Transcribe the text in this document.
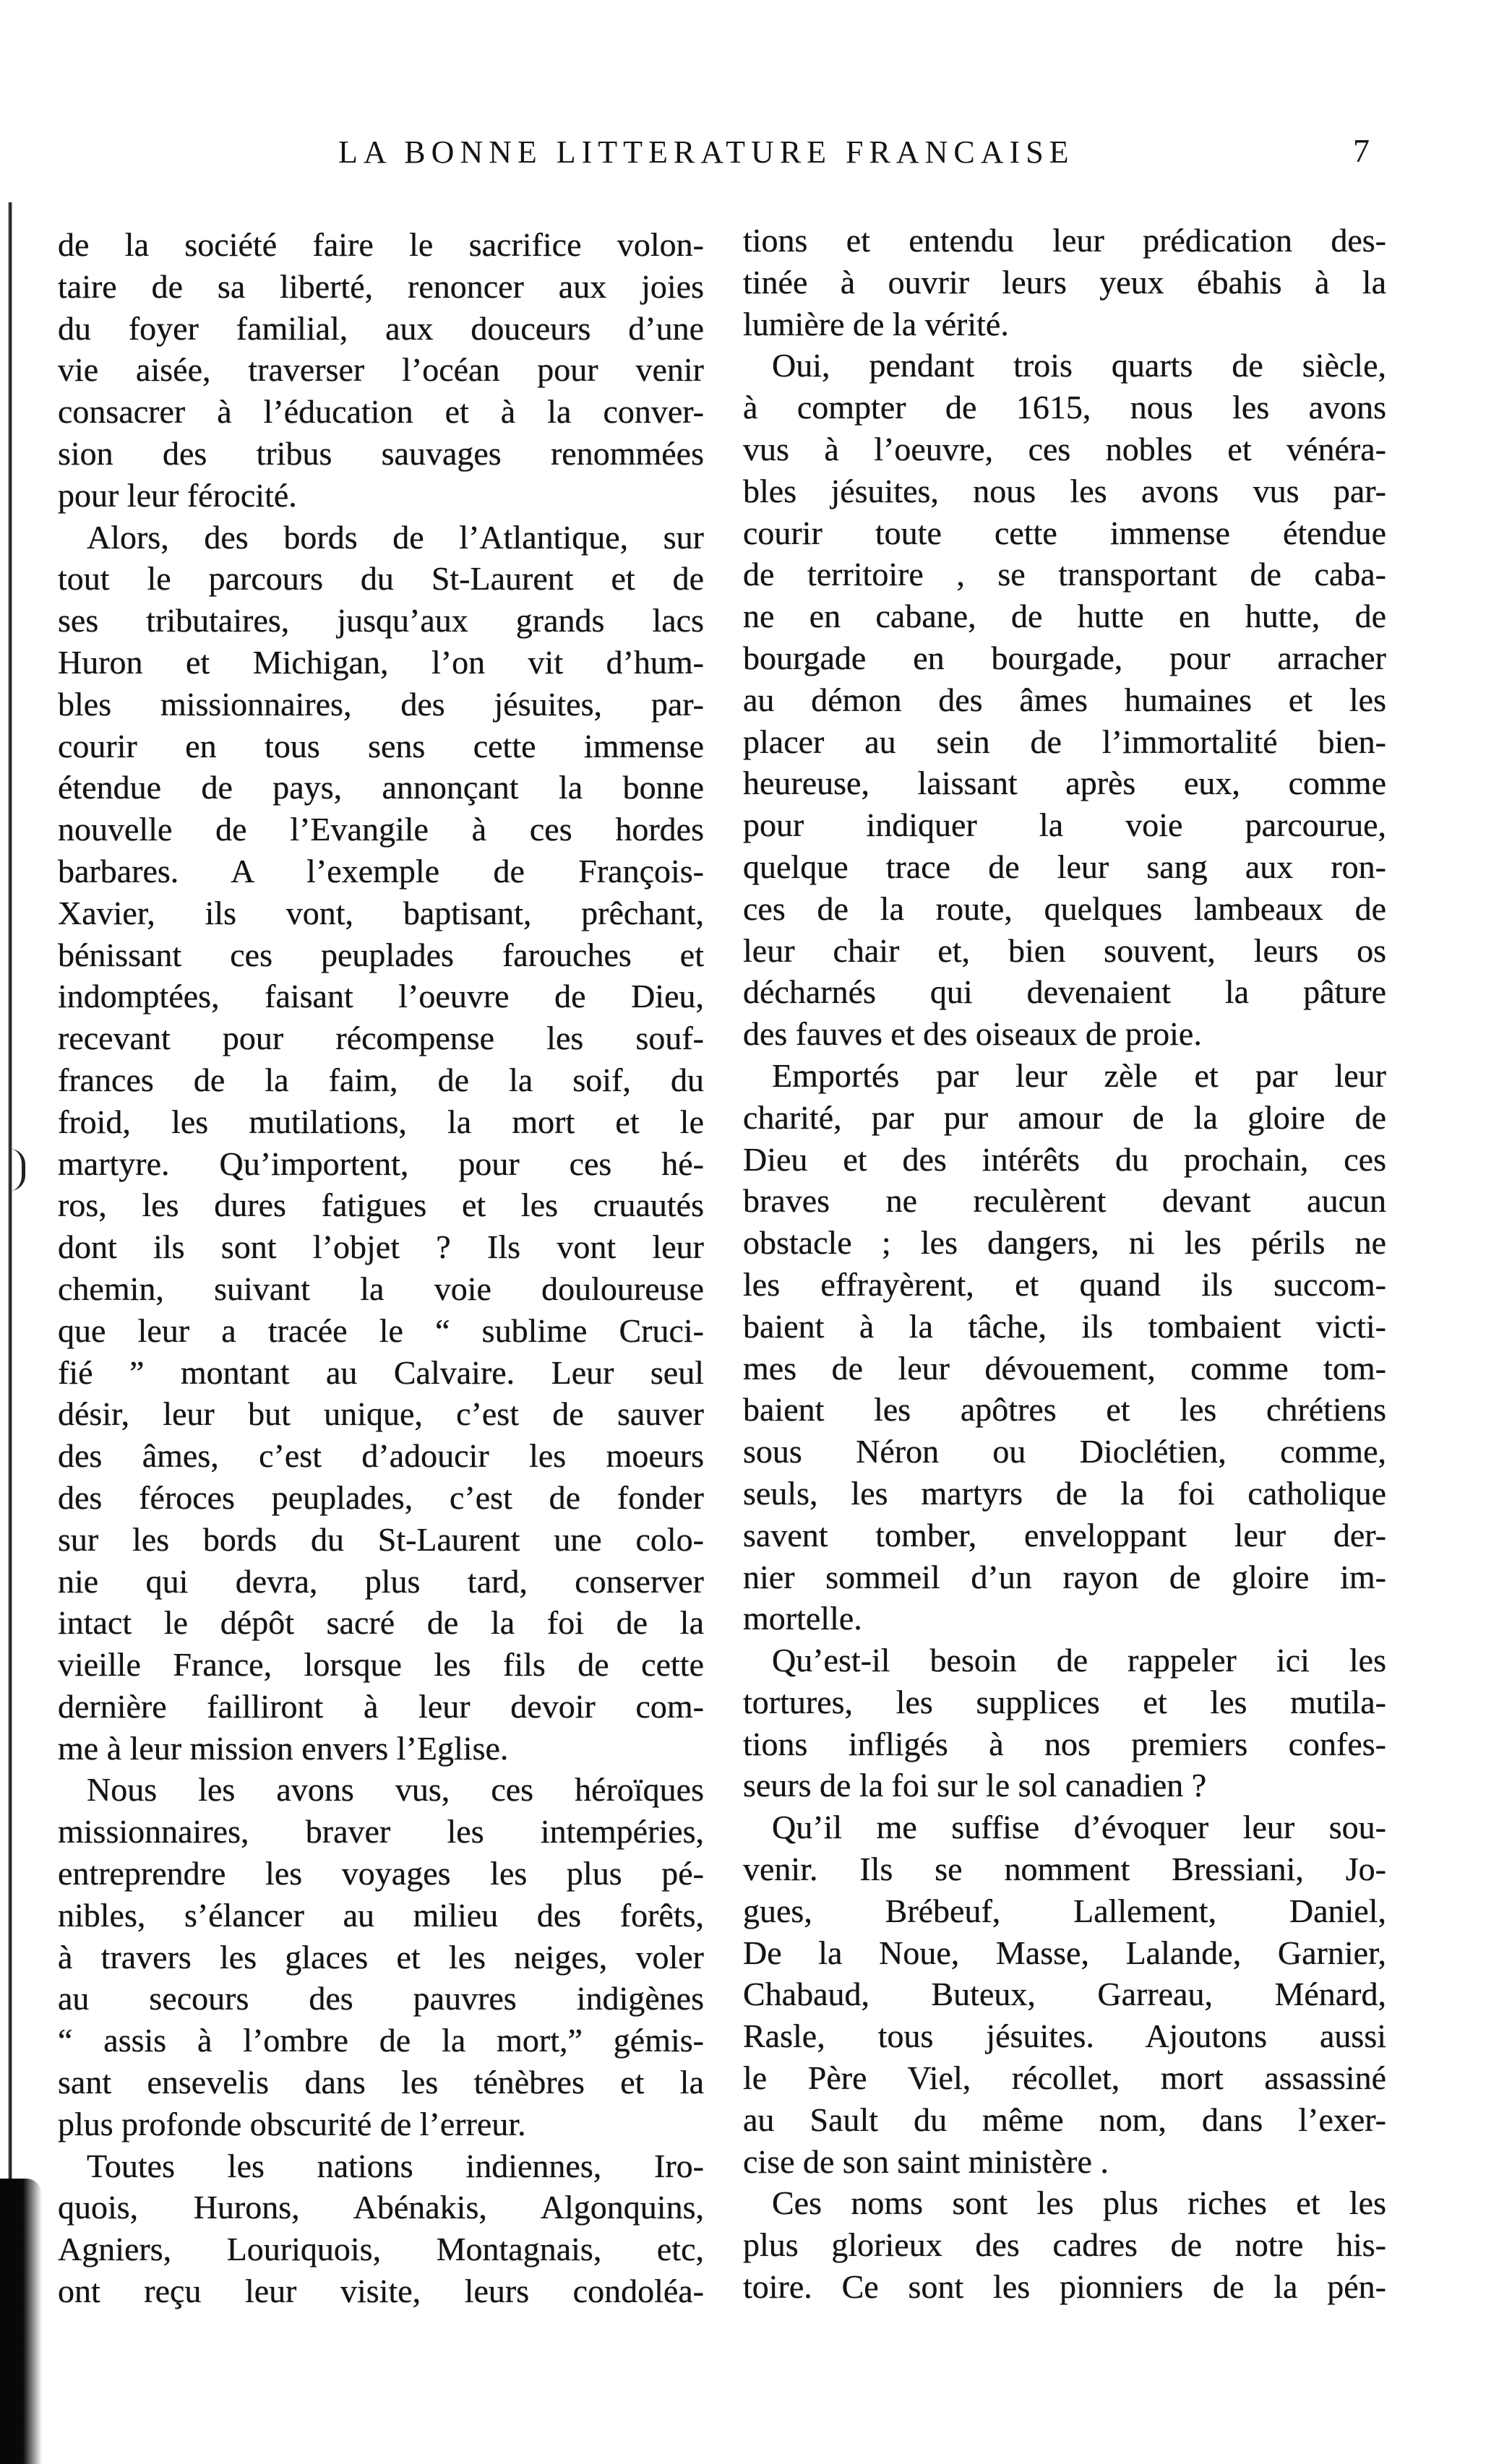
LA BONNE LITTERATURE FRANCAISE	7
de la société faire le sacrifice volon-
taire de sa liberté, renoncer aux joies
du foyer familial, aux douceurs d’une
vie aisée, traverser l’océan pour venir
consacrer à l’éducation et à la conver-
sion des tribus sauvages renommées
pour leur férocité.
Alors, des bords de l’Atlantique, sur
tout le parcours du St-Laurent et de
ses tributaires, jusqu’aux grands lacs
Huron et Michigan, l’on vit d’hum-
bles missionnaires, des jésuites, par-
courir en tous sens cette immense
étendue de pays, annonçant la bonne
nouvelle de l’Evangile à ces hordes
barbares. A l’exemple de François-
Xavier, ils vont, baptisant, prêchant,
bénissant ces peuplades farouches et
indomptées, faisant l’oeuvre de Dieu,
recevant pour récompense les souf-
frances de la faim, de la soif, du
froid, les mutilations, la mort et le
martyre. Qu’importent, pour ces hé-
ros, les dures fatigues et les cruautés
dont ils sont l’objet ? Ils vont leur
chemin, suivant la voie douloureuse
que leur a tracée le “ sublime Cruci-
fié ” montant au Calvaire. Leur seul
désir, leur but unique, c’est de sauver
des âmes, c’est d’adoucir les moeurs
des féroces peuplades, c’est de fonder
sur les bords du St-Laurent une colo-
nie qui devra, plus tard, conserver
intact le dépôt sacré de la foi de la
vieille France, lorsque les fils de cette
dernière failliront à leur devoir com-
me à leur mission envers l’Eglise.
Nous les avons vus, ces héroïques
missionnaires, braver les intempéries,
entreprendre les voyages les plus pé-
nibles, s’élancer au milieu des forêts,
à travers les glaces et les neiges, voler
au secours des pauvres indigènes
“ assis à l’ombre de la mort,” gémis-
sant ensevelis dans les ténèbres et la
plus profonde obscurité de l’erreur.
Toutes les nations indiennes, Iro-
quois, Hurons, Abénakis, Algonquins,
Agniers, Louriquois, Montagnais, etc,
ont reçu leur visite, leurs condoléa-
tions et entendu leur prédication des-
tinée à ouvrir leurs yeux ébahis à la
lumière de la vérité.
Oui, pendant trois quarts de siècle,
à compter de 1615, nous les avons
vus à l’oeuvre, ces nobles et vénéra-
bles jésuites, nous les avons vus par-
courir toute cette immense étendue
de territoire , se transportant de caba-
ne en cabane, de hutte en hutte, de
bourgade en bourgade, pour arracher
au démon des âmes humaines et les
placer au sein de l’immortalité bien-
heureuse, laissant après eux, comme
pour indiquer la voie parcourue,
quelque trace de leur sang aux ron-
ces de la route, quelques lambeaux de
leur chair et, bien souvent, leurs os
décharnés qui devenaient la pâture
des fauves et des oiseaux de proie.
Emportés par leur zèle et par leur
charité, par pur amour de la gloire de
Dieu et des intérêts du prochain, ces
braves ne reculèrent devant aucun
obstacle ; les dangers, ni les périls ne
les effrayèrent, et quand ils succom-
baient à la tâche, ils tombaient victi-
mes de leur dévouement, comme tom-
baient les apôtres et les chrétiens
sous Néron ou Dioclétien, comme,
seuls, les martyrs de la foi catholique
savent tomber, enveloppant leur der-
nier sommeil d’un rayon de gloire im-
mortelle.
Qu’est-il besoin de rappeler ici les
tortures, les supplices et les mutila-
tions infligés à nos premiers confes-
seurs de la foi sur le sol canadien ?
Qu’il me suffise d’évoquer leur sou-
venir. Ils se nomment Bressiani, Jo-
gues, Brébeuf, Lallement, Daniel,
De la Noue, Masse, Lalande, Garnier,
Chabaud, Buteux, Garreau, Ménard,
Rasle, tous jésuites. Ajoutons aussi
le Père Viel, récollet, mort assassiné
au Sault du même nom, dans l’exer-
cise de son saint ministère .
Ces noms sont les plus riches et les
plus glorieux des cadres de notre his-
toire. Ce sont les pionniers de la pén-
